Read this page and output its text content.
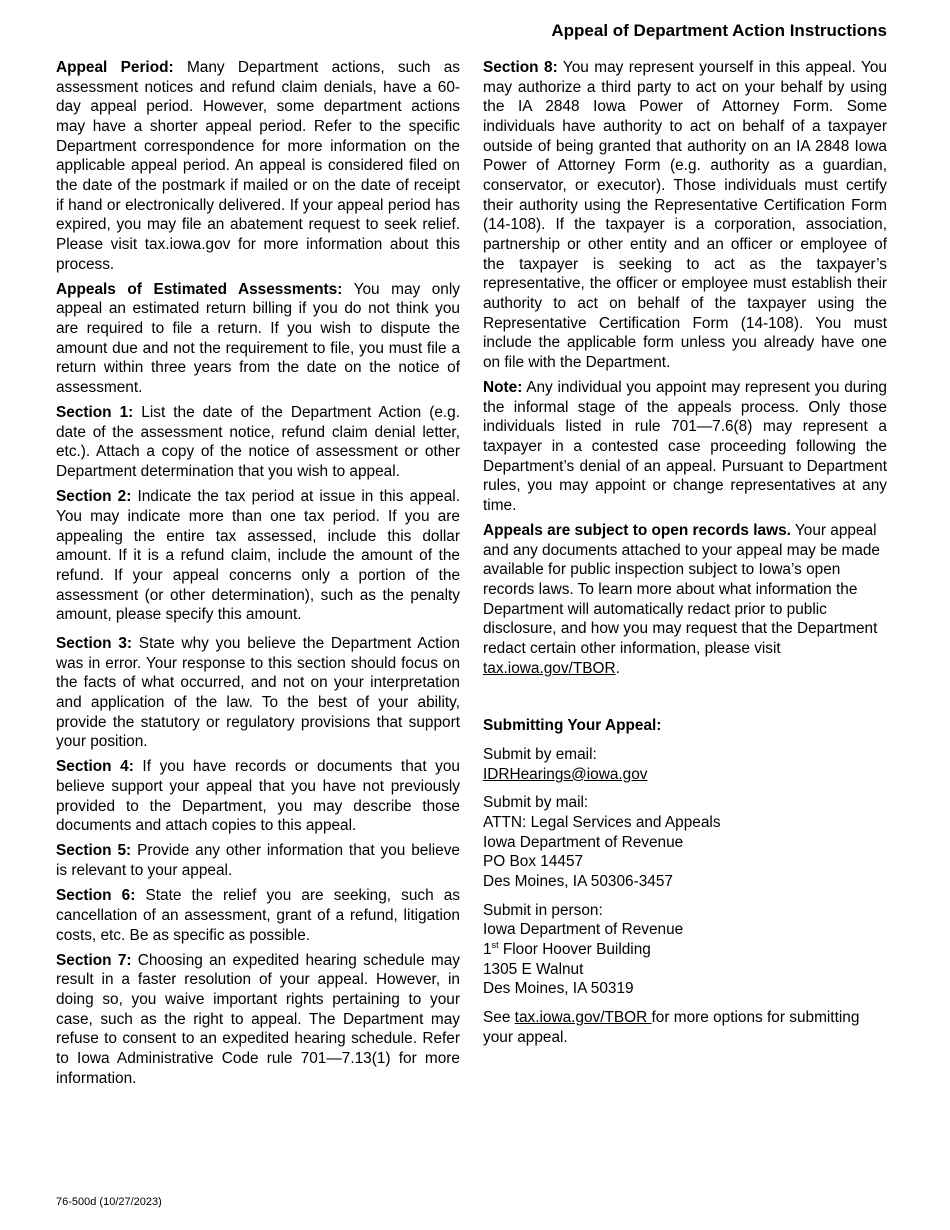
Appeal of Department Action Instructions

Appeal Period: Many Department actions, such as assessment notices and refund claim denials, have a 60-day appeal period. However, some department actions may have a shorter appeal period. Refer to the specific Department correspondence for more information on the applicable appeal period. An appeal is considered filed on the date of the postmark if mailed or on the date of receipt if hand or electronically delivered. If your appeal period has expired, you may file an abatement request to seek relief. Please visit tax.iowa.gov for more information about this process.

Appeals of Estimated Assessments: You may only appeal an estimated return billing if you do not think you are required to file a return. If you wish to dispute the amount due and not the requirement to file, you must file a return within three years from the date on the notice of assessment.

Section 1: List the date of the Department Action (e.g. date of the assessment notice, refund claim denial letter, etc.). Attach a copy of the notice of assessment or other Department determination that you wish to appeal.

Section 2: Indicate the tax period at issue in this appeal. You may indicate more than one tax period. If you are appealing the entire tax assessed, include this dollar amount. If it is a refund claim, include the amount of the refund. If your appeal concerns only a portion of the assessment (or other determination), such as the penalty amount, please specify this amount.

Section 3: State why you believe the Department Action was in error. Your response to this section should focus on the facts of what occurred, and not on your interpretation and application of the law. To the best of your ability, provide the statutory or regulatory provisions that support your position.

Section 4: If you have records or documents that you believe support your appeal that you have not previously provided to the Department, you may describe those documents and attach copies to this appeal.

Section 5: Provide any other information that you believe is relevant to your appeal.

Section 6: State the relief you are seeking, such as cancellation of an assessment, grant of a refund, litigation costs, etc. Be as specific as possible.

Section 7: Choosing an expedited hearing schedule may result in a faster resolution of your appeal. However, in doing so, you waive important rights pertaining to your case, such as the right to appeal. The Department may refuse to consent to an expedited hearing schedule. Refer to Iowa Administrative Code rule 701—7.13(1) for more information.

Section 8: You may represent yourself in this appeal. You may authorize a third party to act on your behalf by using the IA 2848 Iowa Power of Attorney Form. Some individuals have authority to act on behalf of a taxpayer outside of being granted that authority on an IA 2848 Iowa Power of Attorney Form (e.g. authority as a guardian, conservator, or executor). Those individuals must certify their authority using the Representative Certification Form (14-108). If the taxpayer is a corporation, association, partnership or other entity and an officer or employee of the taxpayer is seeking to act as the taxpayer’s representative, the officer or employee must establish their authority to act on behalf of the taxpayer using the Representative Certification Form (14-108). You must include the applicable form unless you already have one on file with the Department.

Note: Any individual you appoint may represent you during the informal stage of the appeals process. Only those individuals listed in rule 701—7.6(8) may represent a taxpayer in a contested case proceeding following the Department’s denial of an appeal. Pursuant to Department rules, you may appoint or change representatives at any time.

Appeals are subject to open records laws. Your appeal and any documents attached to your appeal may be made available for public inspection subject to Iowa’s open records laws. To learn more about what information the Department will automatically redact prior to public disclosure, and how you may request that the Department redact certain other information, please visit tax.iowa.gov/TBOR.

Submitting Your Appeal:
Submit by email:
IDRHearings@iowa.gov
Submit by mail:
ATTN: Legal Services and Appeals
Iowa Department of Revenue
PO Box 14457
Des Moines, IA 50306-3457
Submit in person:
Iowa Department of Revenue
1st Floor Hoover Building
1305 E Walnut
Des Moines, IA 50319

See tax.iowa.gov/TBOR for more options for submitting your appeal.

76-500d (10/27/2023)
